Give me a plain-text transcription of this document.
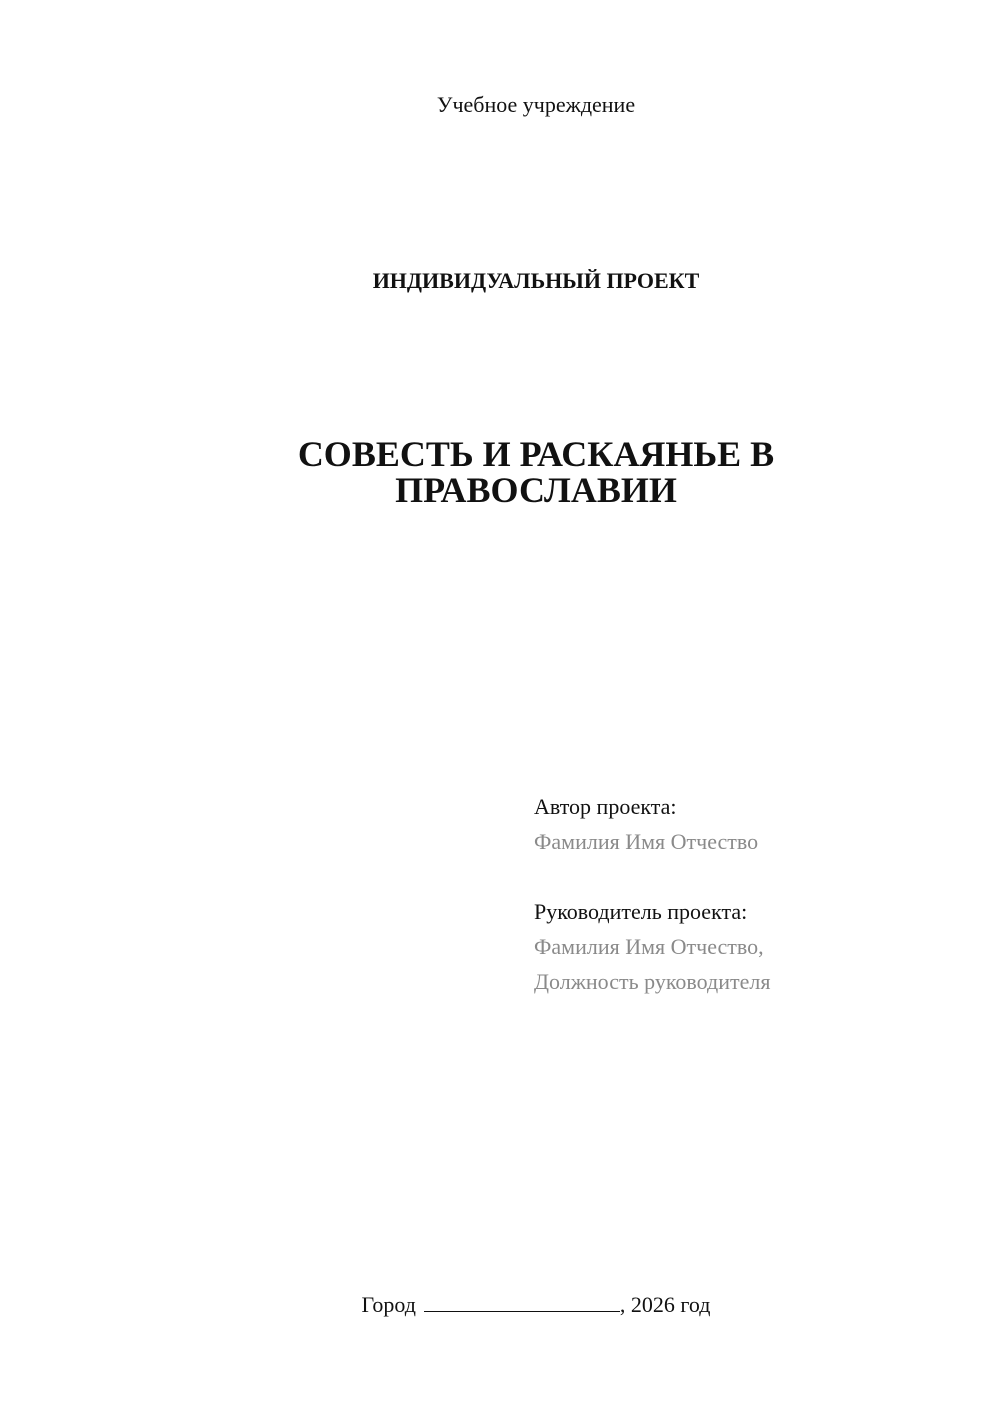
Учебное учреждение
ИНДИВИДУАЛЬНЫЙ ПРОЕКТ
СОВЕСТЬ И РАСКАЯНЬЕ В
ПРАВОСЛАВИИ
Автор проекта:
Фамилия Имя Отчество
Руководитель проекта:
Фамилия Имя Отчество,
Должность руководителя
Город	, 2026 год
